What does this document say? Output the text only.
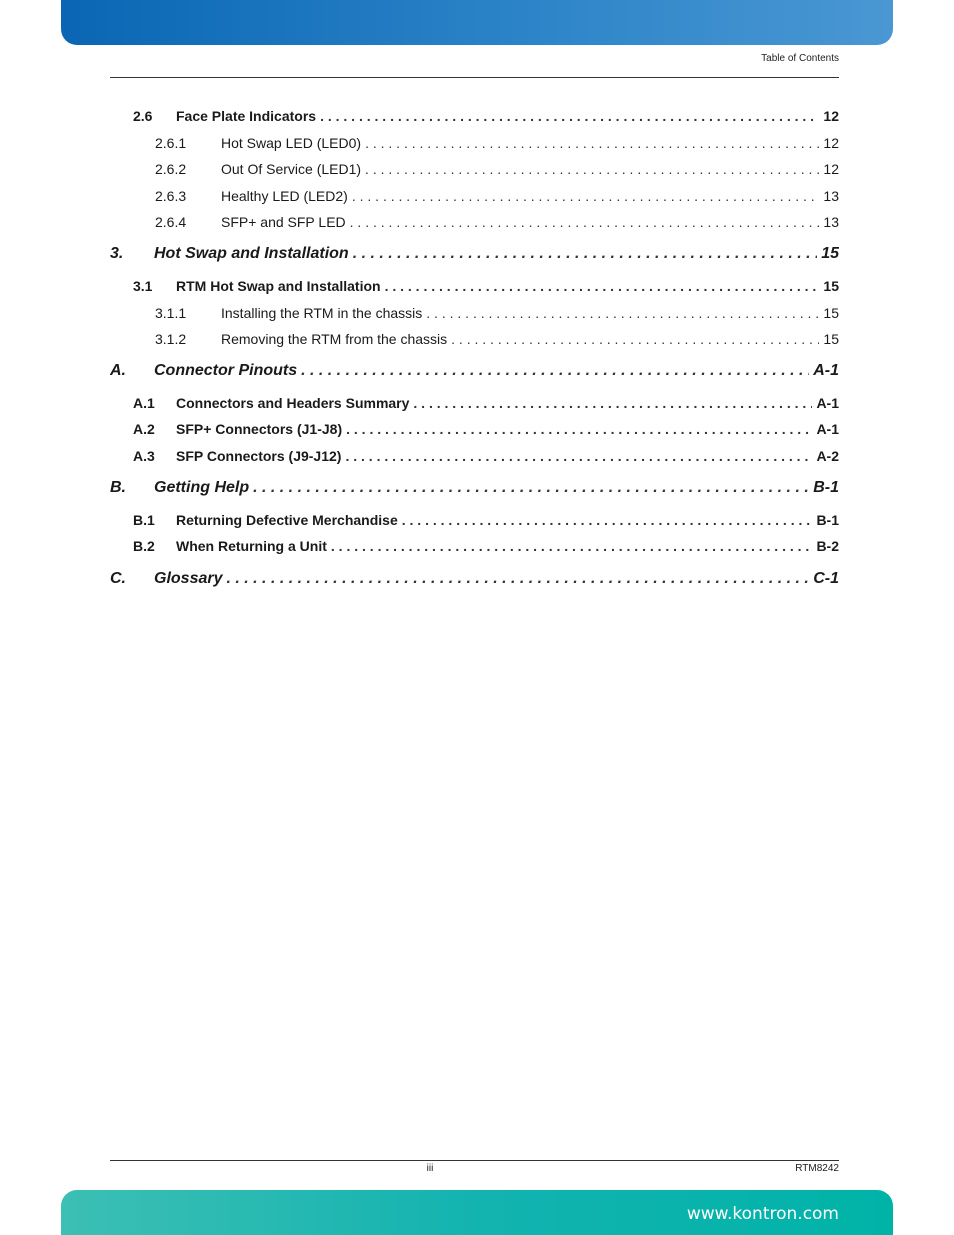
Table of Contents
2.6	Face Plate Indicators . . .	12
2.6.1	Hot Swap LED (LED0) . . .	12
2.6.2	Out Of Service (LED1) . . .	12
2.6.3	Healthy LED (LED2) . . .	13
2.6.4	SFP+ and SFP LED . . .	13
3.	Hot Swap and Installation . . .	15
3.1	RTM Hot Swap and Installation . . .	15
3.1.1	Installing the RTM in the chassis . . .	15
3.1.2	Removing the RTM from the chassis . . .	15
A.	Connector Pinouts . . .	A-1
A.1	Connectors and Headers Summary . . .	A-1
A.2	SFP+ Connectors (J1-J8) . . .	A-1
A.3	SFP Connectors (J9-J12) . . .	A-2
B.	Getting Help . . .	B-1
B.1	Returning Defective Merchandise . . .	B-1
B.2	When Returning a Unit . . .	B-2
C.	Glossary . . .	C-1
iii	RTM8242
www.kontron.com
